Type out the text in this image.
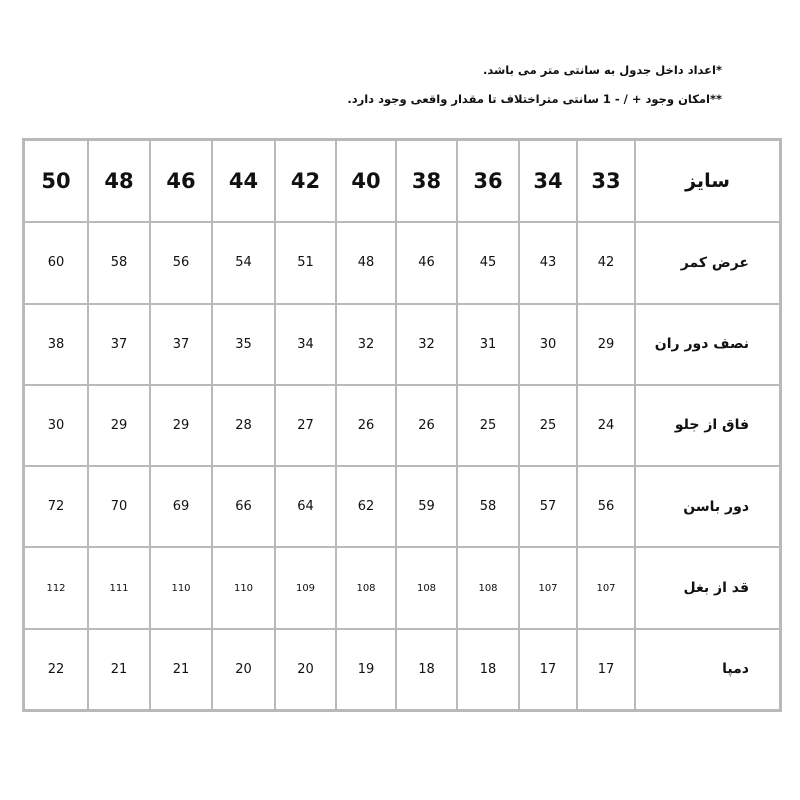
*اعداد داخل جدول به سانتی متر می باشد.

**امکان وجود + / - 1 سانتی متراختلاف تا مقدار واقعی وجود دارد.

50	48	46	44	42	40	38	36	34	33	سایز
60	58	56	54	51	48	46	45	43	42	عرض کمر
38	37	37	35	34	32	32	31	30	29	نصف دور ران
30	29	29	28	27	26	26	25	25	24	فاق از جلو
72	70	69	66	64	62	59	58	57	56	دور باسن
112	111	110	110	109	108	108	108	107	107	قد از بغل
22	21	21	20	20	19	18	18	17	17	دمپا
